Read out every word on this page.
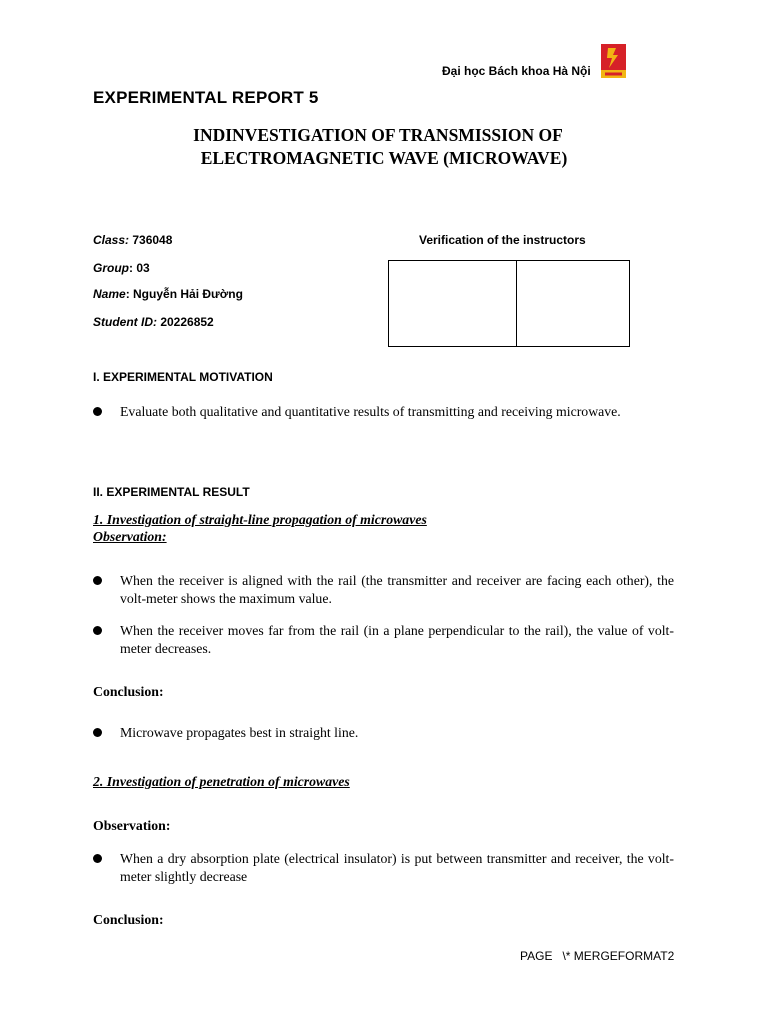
Đại học Bách khoa Hà Nội
EXPERIMENTAL REPORT 5
INDINVESTIGATION OF TRANSMISSION OF
ELECTROMAGNETIC WAVE (MICROWAVE)
Class: 736048
Group: 03
Name: Nguyễn Hải Đường
Student ID: 20226852
Verification of the instructors
I. EXPERIMENTAL MOTIVATION
Evaluate both qualitative and quantitative results of transmitting and receiving microwave.
II. EXPERIMENTAL RESULT
1. Investigation of straight-line propagation of microwaves
Observation:
When the receiver is aligned with the rail (the transmitter and receiver are facing each other), the volt-meter shows the maximum value.
When the receiver moves far from the rail (in a plane perpendicular to the rail), the value of volt-meter decreases.
Conclusion:
Microwave propagates best in straight line.
2. Investigation of penetration of microwaves
Observation:
When a dry absorption plate (electrical insulator) is put between transmitter and receiver, the volt-meter slightly decrease
Conclusion:
PAGE   \* MERGEFORMAT2
